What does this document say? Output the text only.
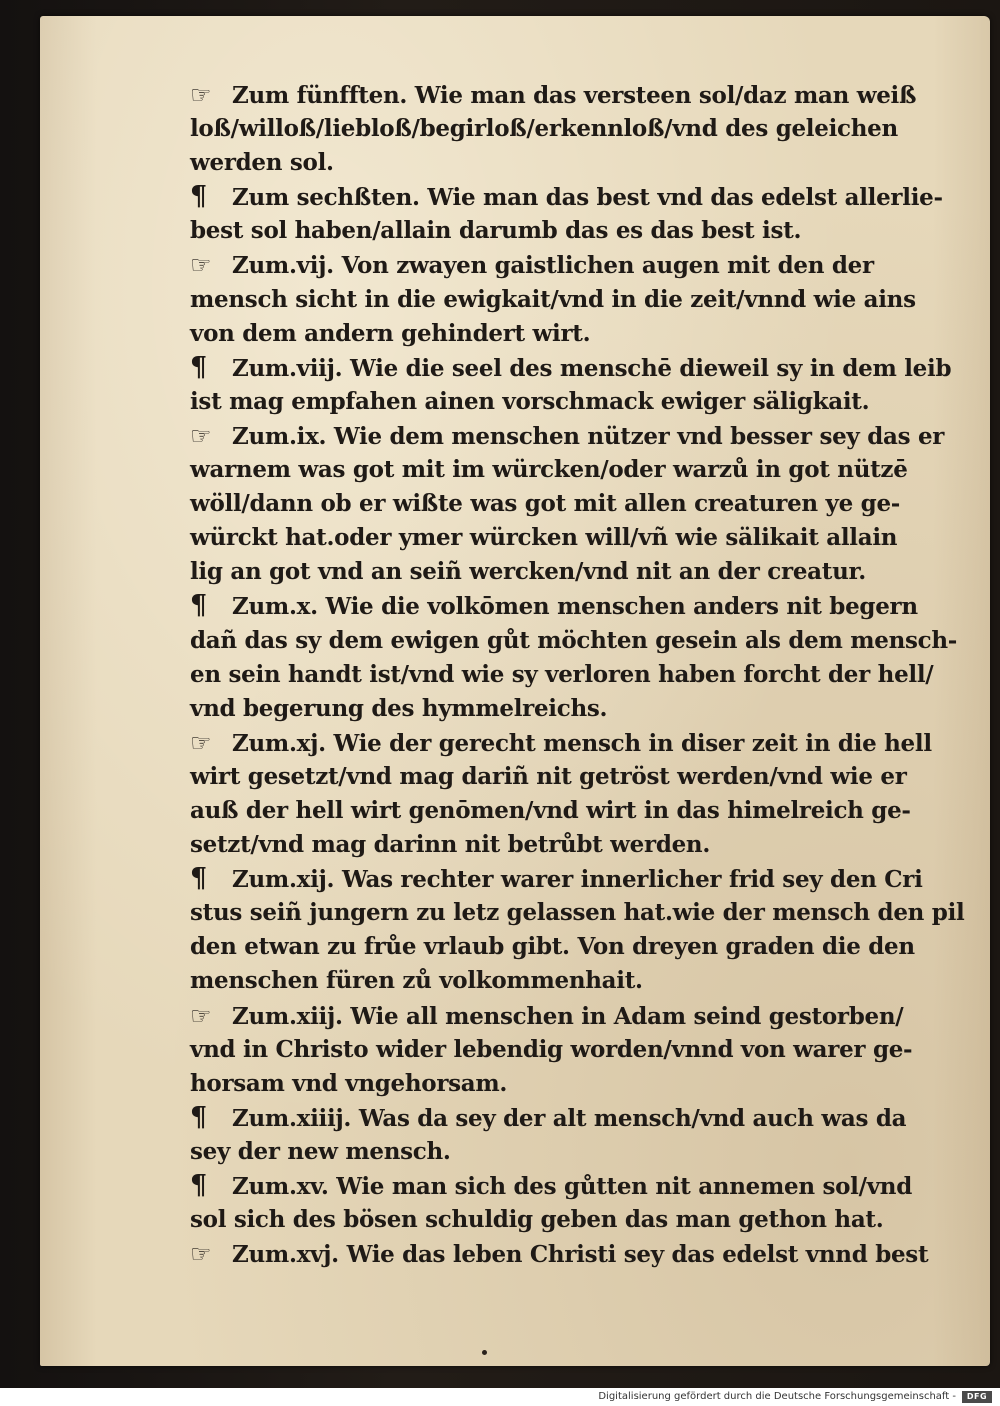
☞ Zum fünfften. Wie man das versteen sol/daz man weiß
loß/willoß/liebloß/begirloß/erkennloß/vnd des geleichen
werden sol.
¶ Zum sechßten. Wie man das best vnd das edelst allerlie-
best sol haben/allain darumb das es das best ist.
☞ Zum.vij. Von zwayen gaistlichen augen mit den der
mensch sicht in die ewigkait/vnd in die zeit/vnnd wie ains
von dem andern gehindert wirt.
¶ Zum.viij. Wie die seel des menschē dieweil sy in dem leib
ist mag empfahen ainen vorschmack ewiger säligkait.
☞ Zum.ix. Wie dem menschen nützer vnd besser sey das er
warnem was got mit im würcken/oder warzů in got nützē
wöll/dann ob er wißte was got mit allen creaturen ye ge-
würckt hat.oder ymer würcken will/vñ wie sälikait allain
lig an got vnd an seiñ wercken/vnd nit an der creatur.
¶ Zum.x. Wie die volkōmen menschen anders nit begern
dañ das sy dem ewigen gůt möchten gesein als dem mensch-
en sein handt ist/vnd wie sy verloren haben forcht der hell/
vnd begerung des hymmelreichs.
☞ Zum.xj. Wie der gerecht mensch in diser zeit in die hell
wirt gesetzt/vnd mag dariñ nit getröst werden/vnd wie er
auß der hell wirt genōmen/vnd wirt in das himelreich ge-
setzt/vnd mag darinn nit betrůbt werden.
¶ Zum.xij. Was rechter warer innerlicher frid sey den Cri
stus seiñ jungern zu letz gelassen hat.wie der mensch den pil
den etwan zu frůe vrlaub gibt. Von dreyen graden die den
menschen füren zů volkommenhait.
☞ Zum.xiij. Wie all menschen in Adam seind gestorben/
vnd in Christo wider lebendig worden/vnnd von warer ge-
horsam vnd vngehorsam.
¶ Zum.xiiij. Was da sey der alt mensch/vnd auch was da
sey der new mensch.
¶ Zum.xv. Wie man sich des gůtten nit annemen sol/vnd
sol sich des bösen schuldig geben das man gethon hat.
☞ Zum.xvj. Wie das leben Christi sey das edelst vnnd best
Digitalisierung gefördert durch die Deutsche Forschungsgemeinschaft -	DFG
